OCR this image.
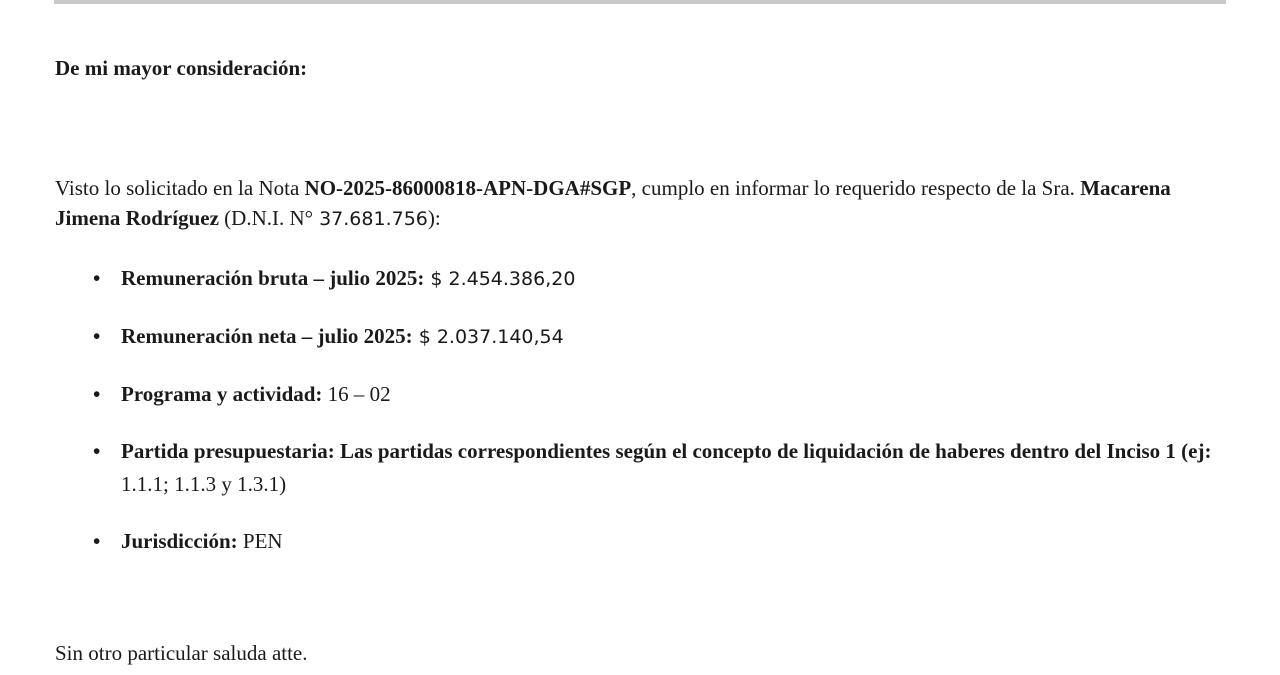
De mi mayor consideración:

Visto lo solicitado en la Nota NO-2025-86000818-APN-DGA#SGP, cumplo en informar lo requerido respecto de la Sra. Macarena Jimena Rodríguez (D.N.I. N° 37.681.756):

• Remuneración bruta – julio 2025: $ 2.454.386,20
• Remuneración neta – julio 2025: $ 2.037.140,54
• Programa y actividad: 16 – 02
• Partida presupuestaria: Las partidas correspondientes según el concepto de liquidación de haberes dentro del Inciso 1 (ej: 1.1.1; 1.1.3 y 1.3.1)
• Jurisdicción: PEN
Sin otro particular saluda atte.
